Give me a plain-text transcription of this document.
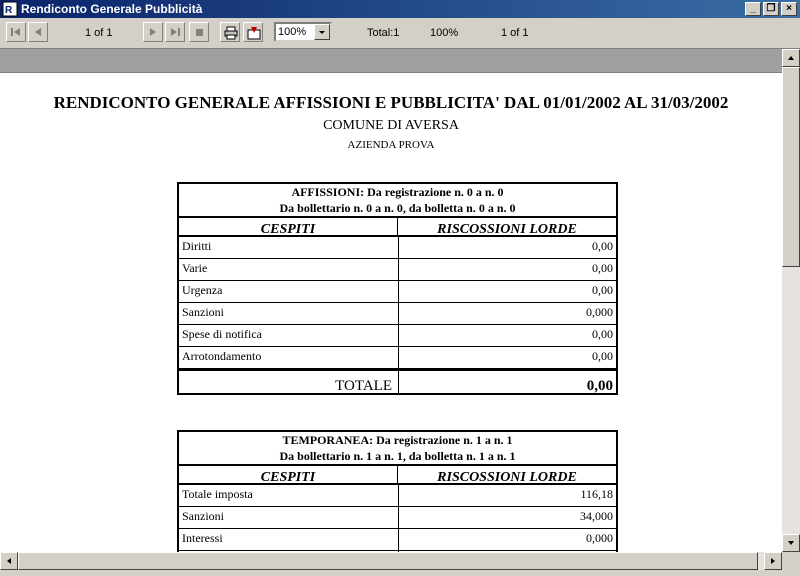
R Rendiconto Generale Pubblicità	_	❐	×
1 of 1	100%	Total:1	100%	1 of 1
RENDICONTO GENERALE AFFISSIONI E PUBBLICITA' DAL 01/01/2002 AL 31/03/2002
COMUNE DI AVERSA
AZIENDA PROVA
AFFISSIONI: Da registrazione n. 0 a n. 0
Da bollettario n. 0 a n. 0, da bolletta n. 0 a n. 0
CESPITI	RISCOSSIONI LORDE
Diritti	0,00
Varie	0,00
Urgenza	0,00
Sanzioni	0,000
Spese di notifica	0,00
Arrotondamento	0,00
TOTALE	0,00
TEMPORANEA: Da registrazione n. 1 a n. 1
Da bollettario n. 1 a n. 1, da bolletta n. 1 a n. 1
CESPITI	RISCOSSIONI LORDE
Totale imposta	116,18
Sanzioni	34,000
Interessi	0,000
